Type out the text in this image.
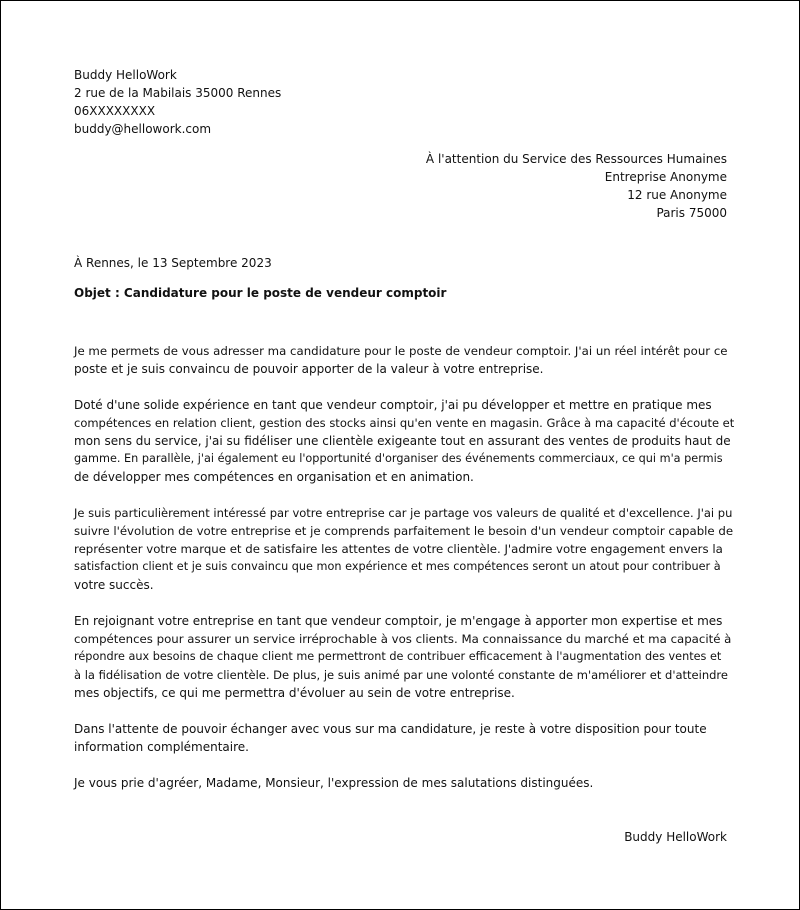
Buddy HelloWork
2 rue de la Mabilais 35000 Rennes
06XXXXXXXX
buddy@hellowork.com
À l'attention du Service des Ressources Humaines
Entreprise Anonyme
12 rue Anonyme
Paris 75000
À Rennes, le 13 Septembre 2023
Objet : Candidature pour le poste de vendeur comptoir

Je me permets de vous adresser ma candidature pour le poste de vendeur comptoir. J'ai un réel intérêt pour ce
poste et je suis convaincu de pouvoir apporter de la valeur à votre entreprise.

Doté d'une solide expérience en tant que vendeur comptoir, j'ai pu développer et mettre en pratique mes
compétences en relation client, gestion des stocks ainsi qu'en vente en magasin. Grâce à ma capacité d'écoute et
mon sens du service, j'ai su fidéliser une clientèle exigeante tout en assurant des ventes de produits haut de
gamme. En parallèle, j'ai également eu l'opportunité d'organiser des événements commerciaux, ce qui m'a permis
de développer mes compétences en organisation et en animation.

Je suis particulièrement intéressé par votre entreprise car je partage vos valeurs de qualité et d'excellence. J'ai pu
suivre l'évolution de votre entreprise et je comprends parfaitement le besoin d'un vendeur comptoir capable de
représenter votre marque et de satisfaire les attentes de votre clientèle. J'admire votre engagement envers la
satisfaction client et je suis convaincu que mon expérience et mes compétences seront un atout pour contribuer à
votre succès.

En rejoignant votre entreprise en tant que vendeur comptoir, je m'engage à apporter mon expertise et mes
compétences pour assurer un service irréprochable à vos clients. Ma connaissance du marché et ma capacité à
répondre aux besoins de chaque client me permettront de contribuer efficacement à l'augmentation des ventes et
à la fidélisation de votre clientèle. De plus, je suis animé par une volonté constante de m'améliorer et d'atteindre
mes objectifs, ce qui me permettra d'évoluer au sein de votre entreprise.

Dans l'attente de pouvoir échanger avec vous sur ma candidature, je reste à votre disposition pour toute
information complémentaire.

Je vous prie d'agréer, Madame, Monsieur, l'expression de mes salutations distinguées.

Buddy HelloWork
